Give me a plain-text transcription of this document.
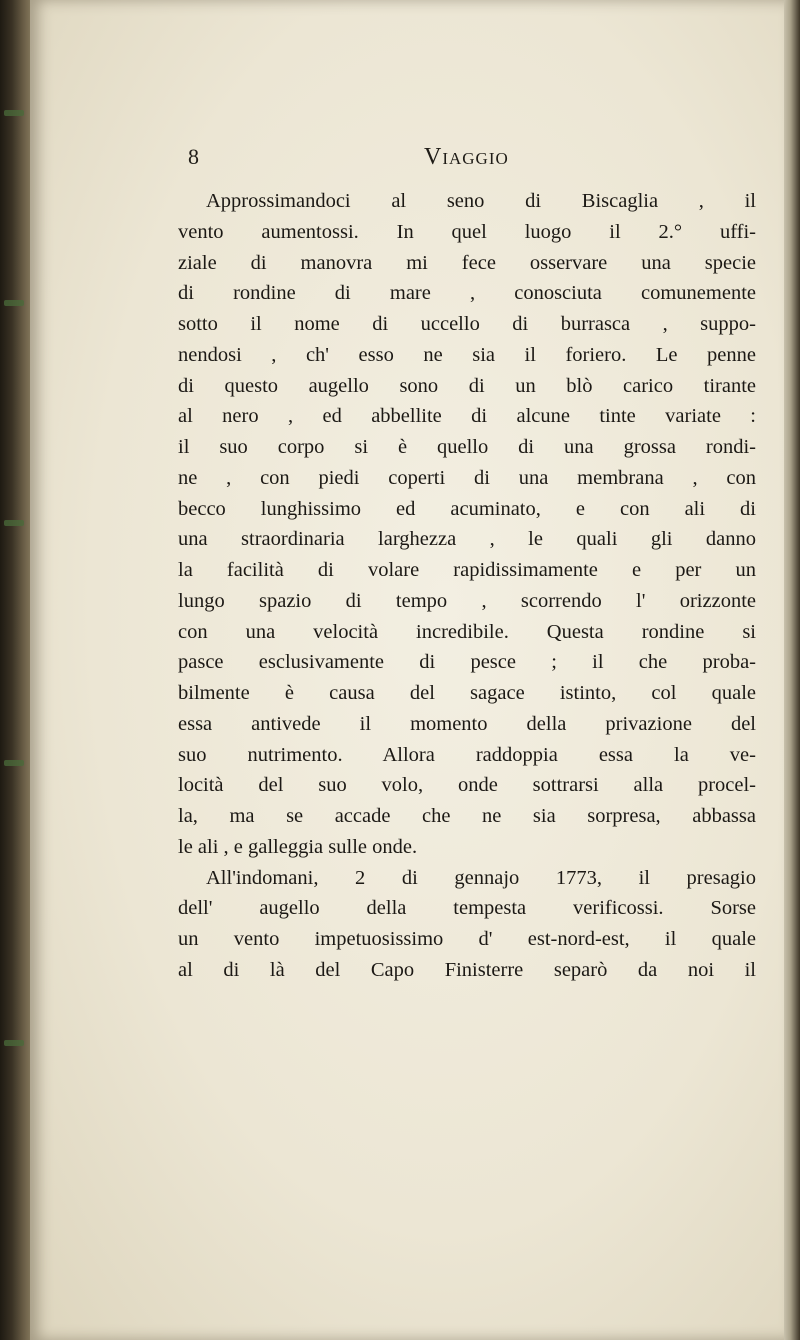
8	Viaggio
Approssimandoci al seno di Biscaglia , il
vento aumentossi. In quel luogo il 2.° uffi-
ziale di manovra mi fece osservare una specie
di rondine di mare , conosciuta comunemente
sotto il nome di uccello di burrasca , suppo-
nendosi , ch' esso ne sia il foriero. Le penne
di questo augello sono di un blò carico tirante
al nero , ed abbellite di alcune tinte variate :
il suo corpo si è quello di una grossa rondi-
ne , con piedi coperti di una membrana , con
becco lunghissimo ed acuminato, e con ali di
una straordinaria larghezza , le quali gli danno
la facilità di volare rapidissimamente e per un
lungo spazio di tempo , scorrendo l' orizzonte
con una velocità incredibile. Questa rondine si
pasce esclusivamente di pesce ; il che proba-
bilmente è causa del sagace istinto, col quale
essa antivede il momento della privazione del
suo nutrimento. Allora raddoppia essa la ve-
locità del suo volo, onde sottrarsi alla procel-
la, ma se accade che ne sia sorpresa, abbassa
le ali , e galleggia sulle onde.
All'indomani, 2 di gennajo 1773, il presagio
dell' augello della tempesta verificossi. Sorse
un vento impetuosissimo d' est-nord-est, il quale
al di là del Capo Finisterre separò da noi il
